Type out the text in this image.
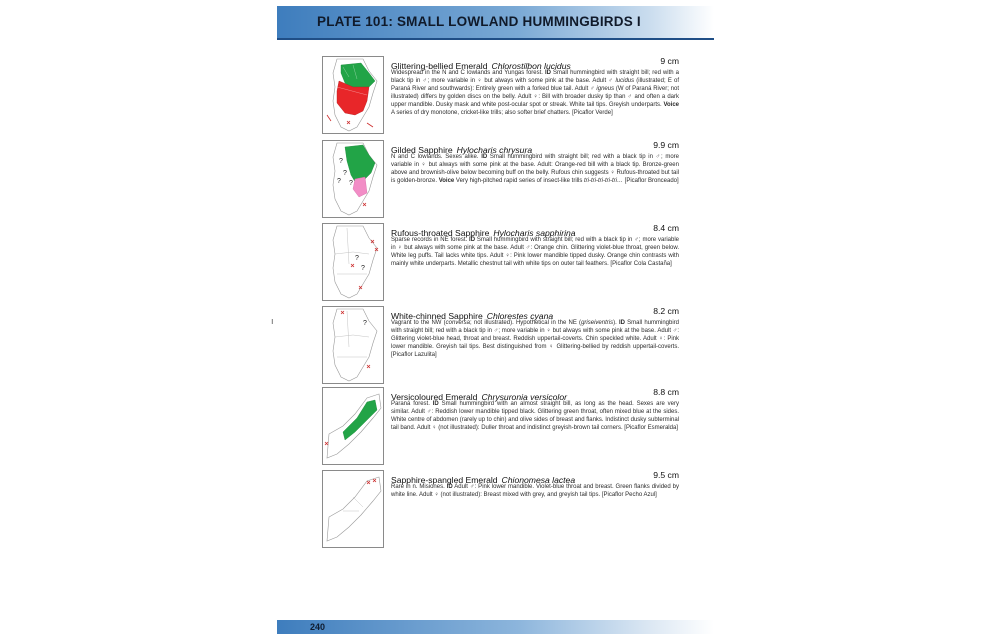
PLATE 101: SMALL LOWLAND HUMMINGBIRDS I
ı
Glittering-bellied Emerald Chlorostilbon lucidus	9 cm

Widespread in the N and C lowlands and Yungas forest. ID Small hummingbird with straight bill; red with a black tip in ♂; more variable in ♀ but always with some pink at the base. Adult ♂ lucidus (illustrated; E of Paraná River and southwards): Entirely green with a forked blue tail. Adult ♂ igneus (W of Paraná River; not illustrated) differs by golden discs on the belly. Adult ♀: Bill with broader dusky tip than ♂ and often a dark upper mandible. Dusky mask and white post-ocular spot or streak. White tail tips. Greyish underparts. Voice A series of dry monotone, cricket-like trills; also softer brief chatters. [Picaflor Verde]

?
?
? ?
Gilded Sapphire Hylocharis chrysura	9.9 cm

N and C lowlands. Sexes alike. ID Small hummingbird with straight bill; red with a black tip in ♂; more variable in ♀ but always with some pink at the base. Adult: Orange-red bill with a black tip. Bronze-green above and brownish-olive below becoming buff on the belly. Rufous chin suggests ♀ Rufous-throated but tail is golden-bronze. Voice Very high-pitched rapid series of insect-like trills tri-tri-tri-tri-tri… [Picaflor Bronceado]

?
?
Rufous-throated Sapphire Hylocharis sapphirina	8.4 cm

Sparse records in NE forest. ID Small hummingbird with straight bill; red with a black tip in ♂; more variable in ♀ but always with some pink at the base. Adult ♂: Orange chin. Glittering violet-blue throat, green below. White leg puffs. Tail lacks white tips. Adult ♀: Pink lower mandible tipped dusky. Orange chin contrasts with mainly white underparts. Metallic chestnut tail with white tips on outer tail feathers. [Picaflor Cola Castaña]

?
White-chinned Sapphire Chlorestes cyana	8.2 cm

Vagrant to the NW (conversa; not illustrated). Hypothetical in the NE (griseiventris). ID Small hummingbird with straight bill; red with a black tip in ♂; more variable in ♀ but always with some pink at the base. Adult ♂: Glittering violet-blue head, throat and breast. Reddish uppertail-coverts. Chin speckled white. Adult ♀: Pink lower mandible. Greyish tail tips. Best distinguished from ♀ Glittering-bellied by reddish uppertail-coverts. [Picaflor Lazulita]

Versicoloured Emerald Chrysuronia versicolor	8.8 cm

Paraná forest. ID Small hummingbird with an almost straight bill, as long as the head. Sexes are very similar. Adult ♂: Reddish lower mandible tipped black. Glittering green throat, often mixed blue at the sides. White centre of abdomen (rarely up to chin) and olive sides of breast and flanks. Indistinct dusky subterminal tail band. Adult ♀ (not illustrated): Duller throat and indistinct greyish-brown tail corners. [Picaflor Esmeralda]

Sapphire-spangled Emerald Chionomesa lactea	9.5 cm

Rare in n. Misiones. ID Adult ♂: Pink lower mandible. Violet-blue throat and breast. Green flanks divided by white line. Adult ♀ (not illustrated): Breast mixed with grey, and greyish tail tips. [Picaflor Pecho Azul]

240
